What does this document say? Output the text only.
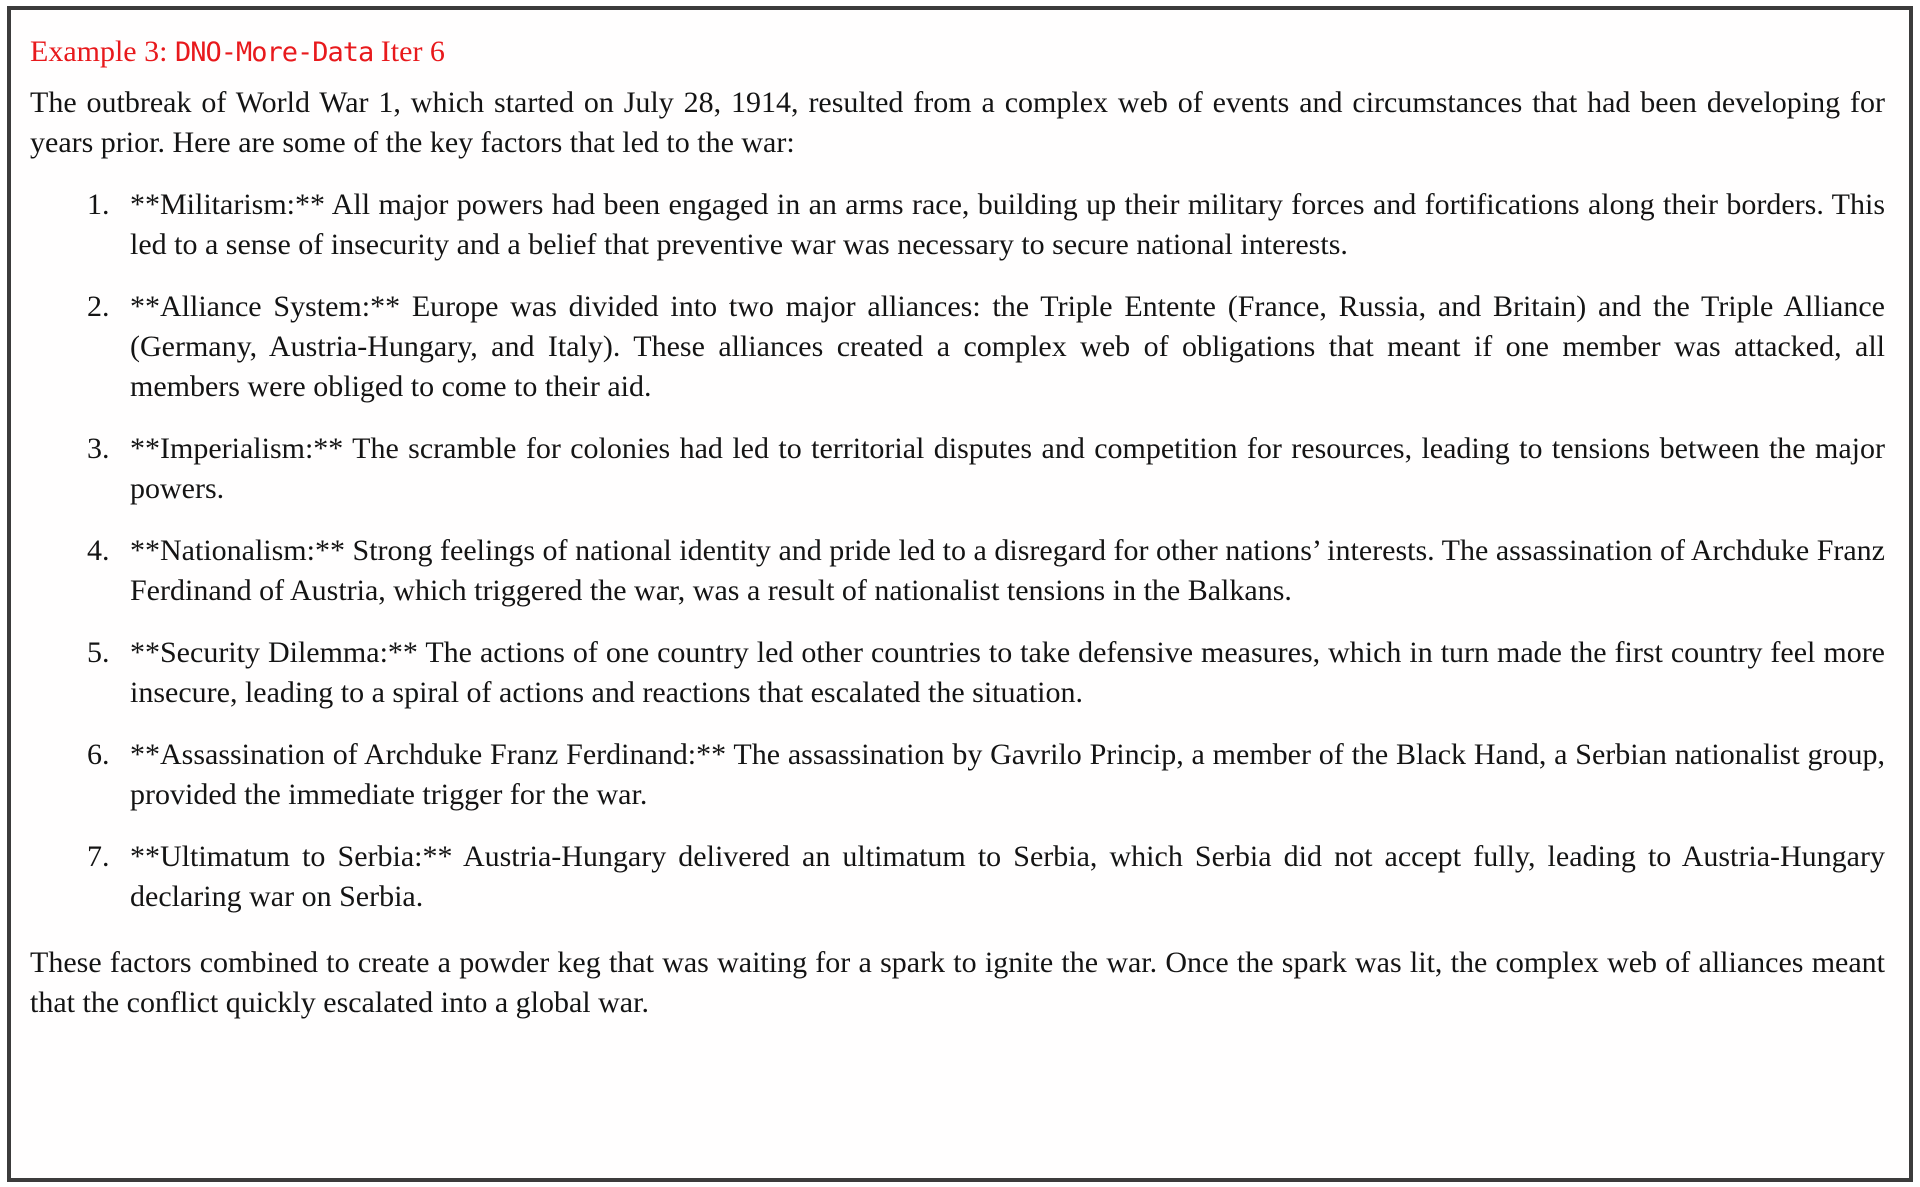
Example 3: DNO-More-Data Iter 6
The outbreak of World War 1, which started on July 28, 1914, resulted from a complex web of events and circumstances that had been developing for years prior. Here are some of the key factors that led to the war:
1. **Militarism:** All major powers had been engaged in an arms race, building up their military forces and fortifications along their borders. This led to a sense of insecurity and a belief that preventive war was necessary to secure national interests.
2. **Alliance System:** Europe was divided into two major alliances: the Triple Entente (France, Russia, and Britain) and the Triple Alliance (Germany, Austria-Hungary, and Italy). These alliances created a complex web of obligations that meant if one member was attacked, all members were obliged to come to their aid.
3. **Imperialism:** The scramble for colonies had led to territorial disputes and competition for resources, leading to tensions between the major powers.
4. **Nationalism:** Strong feelings of national identity and pride led to a disregard for other nations’ interests. The assassination of Archduke Franz Ferdinand of Austria, which triggered the war, was a result of nationalist tensions in the Balkans.
5. **Security Dilemma:** The actions of one country led other countries to take defensive measures, which in turn made the first country feel more insecure, leading to a spiral of actions and reactions that escalated the situation.
6. **Assassination of Archduke Franz Ferdinand:** The assassination by Gavrilo Princip, a member of the Black Hand, a Serbian nationalist group, provided the immediate trigger for the war.
7. **Ultimatum to Serbia:** Austria-Hungary delivered an ultimatum to Serbia, which Serbia did not accept fully, leading to Austria-Hungary declaring war on Serbia.
These factors combined to create a powder keg that was waiting for a spark to ignite the war. Once the spark was lit, the complex web of alliances meant that the conflict quickly escalated into a global war.
